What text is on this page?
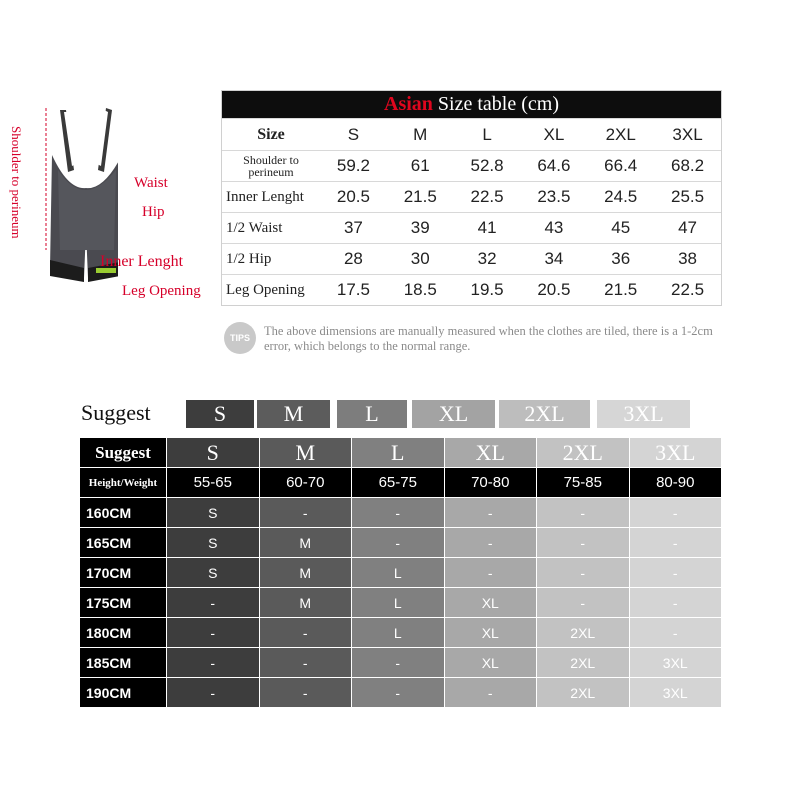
Shoulder to perineum	Waist
Hip
Inner Lenght
Leg Opening
Asian Size table (cm)
Size	S	M	L	XL	2XL	3XL
Shoulder to perineum	59.2	61	52.8	64.6	66.4	68.2
Inner Lenght	20.5	21.5	22.5	23.5	24.5	25.5
1/2 Waist	37	39	41	43	45	47
1/2 Hip	28	30	32	34	36	38
Leg Opening	17.5	18.5	19.5	20.5	21.5	22.5
TIPS	The above dimensions are manually measured when the clothes are tiled, there is a 1-2cm error, which belongs to the normal range.
Suggest	S	M	L	XL	2XL	3XL
Suggest	S	M	L	XL	2XL	3XL
Height/Weight	55-65	60-70	65-75	70-80	75-85	80-90
160CM	S	-	-	-	-	-
165CM	S	M	-	-	-	-
170CM	S	M	L	-	-	-
175CM	-	M	L	XL	-	-
180CM	-	-	L	XL	2XL	-
185CM	-	-	-	XL	2XL	3XL
190CM	-	-	-	-	2XL	3XL
